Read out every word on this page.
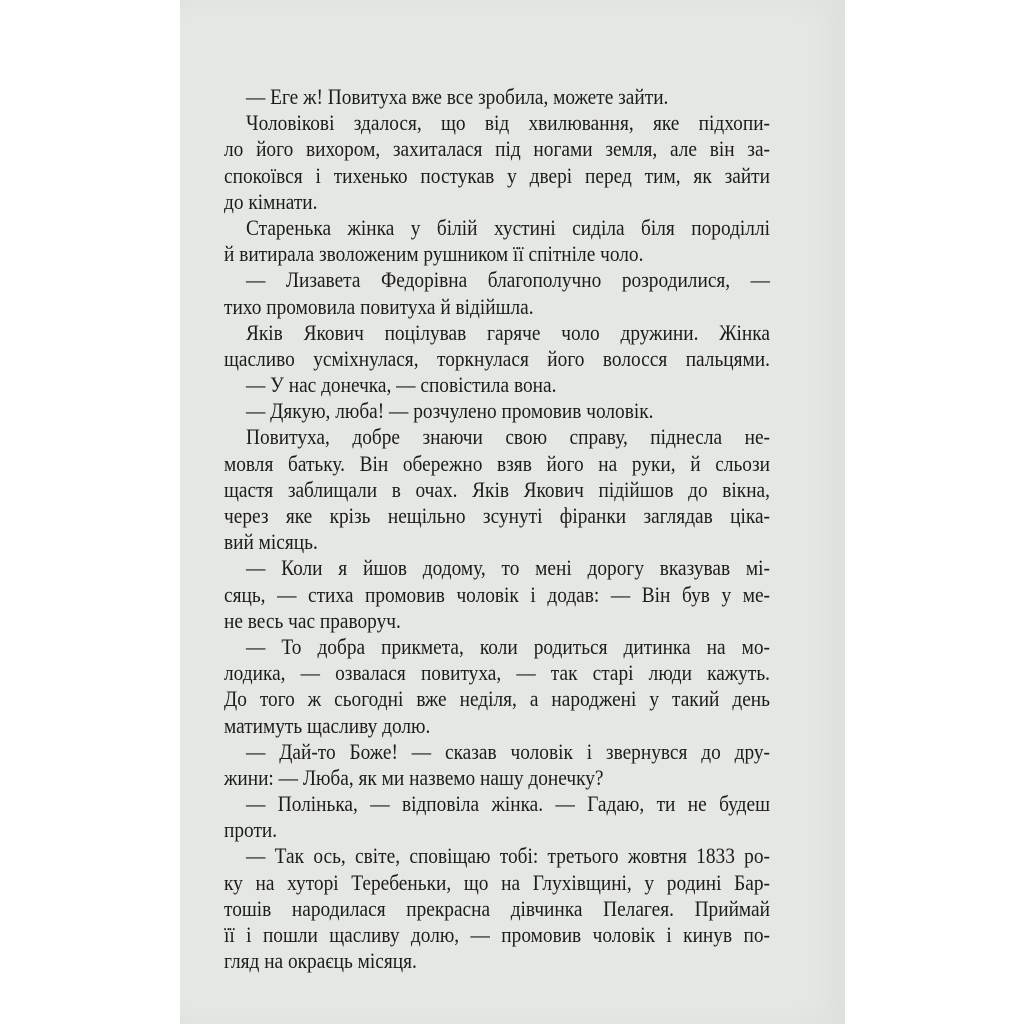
— Еге ж! Повитуха вже все зробила, можете зайти.
Чоловікові здалося, що від хвилювання, яке підхопи-
ло його вихором, захиталася під ногами земля, але він за-
спокоївся і тихенько постукав у двері перед тим, як зайти
до кімнати.
Старенька жінка у білій хустині сиділа біля породіллі
й витирала зволоженим рушником її спітніле чоло.
— Лизавета Федорівна благополучно розродилися, —
тихо промовила повитуха й відійшла.
Яків Якович поцілував гаряче чоло дружини. Жінка
щасливо усміхнулася, торкнулася його волосся пальцями.
— У нас донечка, — сповістила вона.
— Дякую, люба! — розчулено промовив чоловік.
Повитуха, добре знаючи свою справу, піднесла не-
мовля батьку. Він обережно взяв його на руки, й сльози
щастя заблищали в очах. Яків Якович підійшов до вікна,
через яке крізь нещільно зсунуті фіранки заглядав ціка-
вий місяць.
— Коли я йшов додому, то мені дорогу вказував мі-
сяць, — стиха промовив чоловік і додав: — Він був у ме-
не весь час праворуч.
— То добра прикмета, коли родиться дитинка на мо-
лодика, — озвалася повитуха, — так старі люди кажуть.
До того ж сьогодні вже неділя, а народжені у такий день
матимуть щасливу долю.
— Дай-то Боже! — сказав чоловік і звернувся до дру-
жини: — Люба, як ми назвемо нашу донечку?
— Полінька, — відповіла жінка. — Гадаю, ти не будеш
проти.
— Так ось, світе, сповіщаю тобі: третього жовтня 1833 ро-
ку на хуторі Теребеньки, що на Глухівщині, у родині Бар-
тошів народилася прекрасна дівчинка Пелагея. Приймай
її і пошли щасливу долю, — промовив чоловік і кинув по-
гляд на окраєць місяця.
